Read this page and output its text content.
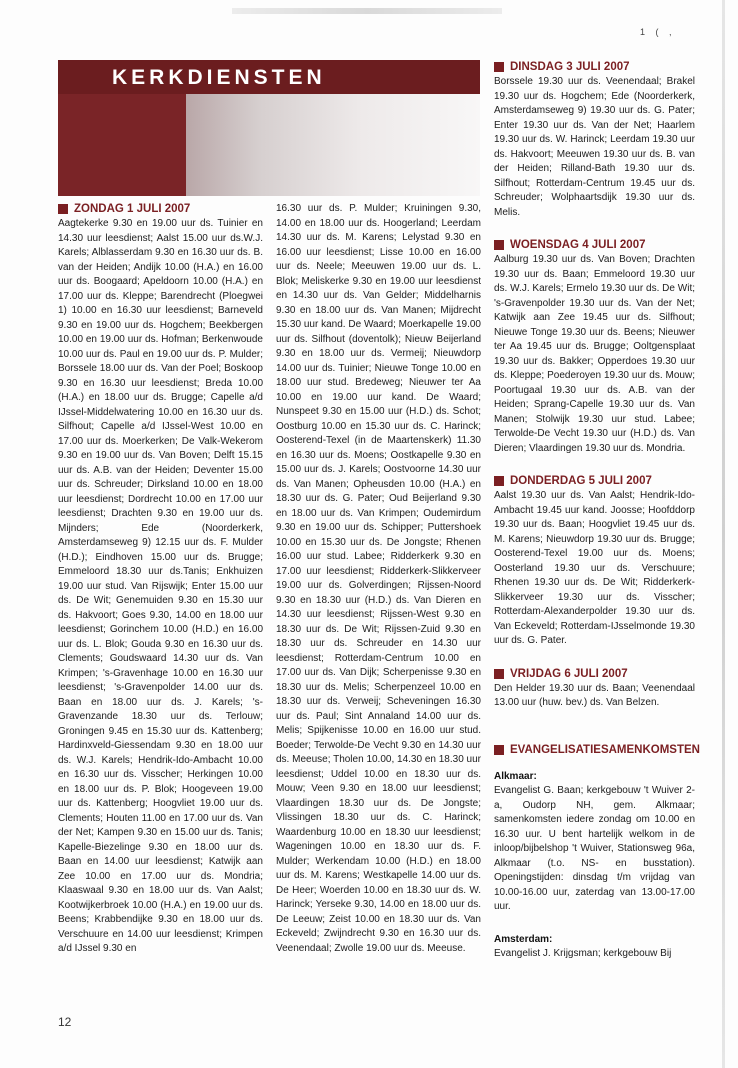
1 ( ,
KERKDIENSTEN
ZONDAG 1 JULI 2007
Aagtekerke 9.30 en 19.00 uur ds. Tuinier en 14.30 uur leesdienst; Aalst 15.00 uur ds.W.J. Karels; Alblasserdam 9.30 en 16.30 uur ds. B. van der Heiden; Andijk 10.00 (H.A.) en 16.00 uur ds. Boogaard; Apeldoorn 10.00 (H.A.) en 17.00 uur ds. Kleppe; Barendrecht (Ploegwei 1) 10.00 en 16.30 uur leesdienst; Barneveld 9.30 en 19.00 uur ds. Hogchem; Beekbergen 10.00 en 19.00 uur ds. Hofman; Berkenwoude 10.00 uur ds. Paul en 19.00 uur ds. P. Mulder; Borssele 18.00 uur ds. Van der Poel; Boskoop 9.30 en 16.30 uur leesdienst; Breda 10.00 (H.A.) en 18.00 uur ds. Brugge; Capelle a/d IJssel-Middelwatering 10.00 en 16.30 uur ds. Silfhout; Capelle a/d IJssel-West 10.00 en 17.00 uur ds. Moerkerken; De Valk-Wekerom 9.30 en 19.00 uur ds. Van Boven; Delft 15.15 uur ds. A.B. van der Heiden; Deventer 15.00 uur ds. Schreuder; Dirksland 10.00 en 18.00 uur leesdienst; Dordrecht 10.00 en 17.00 uur leesdienst; Drachten 9.30 en 19.00 uur ds. Mijnders; Ede (Noorderkerk, Amsterdamseweg 9) 12.15 uur ds. F. Mulder (H.D.); Eindhoven 15.00 uur ds. Brugge; Emmeloord 18.30 uur ds.Tanis; Enkhuizen 19.00 uur stud. Van Rijswijk; Enter 15.00 uur ds. De Wit; Genemuiden 9.30 en 15.30 uur ds. Hakvoort; Goes 9.30, 14.00 en 18.00 uur leesdienst; Gorinchem 10.00 (H.D.) en 16.00 uur ds. L. Blok; Gouda 9.30 en 16.30 uur ds. Clements; Goudswaard 14.30 uur ds. Van Krimpen; 's-Gravenhage 10.00 en 16.30 uur leesdienst; 's-Gravenpolder 14.00 uur ds. Baan en 18.00 uur ds. J. Karels; 's-Gravenzande 18.30 uur ds. Terlouw; Groningen 9.45 en 15.30 uur ds. Kattenberg; Hardinxveld-Giessendam 9.30 en 18.00 uur ds. W.J. Karels; Hendrik-Ido-Ambacht 10.00 en 16.30 uur ds. Visscher; Herkingen 10.00 en 18.00 uur ds. P. Blok; Hoogeveen 19.00 uur ds. Kattenberg; Hoogvliet 19.00 uur ds. Clements; Houten 11.00 en 17.00 uur ds. Van der Net; Kampen 9.30 en 15.00 uur ds. Tanis; Kapelle-Biezelinge 9.30 en 18.00 uur ds. Baan en 14.00 uur leesdienst; Katwijk aan Zee 10.00 en 17.00 uur ds. Mondria; Klaaswaal 9.30 en 18.00 uur ds. Van Aalst; Kootwijkerbroek 10.00 (H.A.) en 19.00 uur ds. Beens; Krabbendijke 9.30 en 18.00 uur ds. Verschuure en 14.00 uur leesdienst; Krimpen a/d IJssel 9.30 en
16.30 uur ds. P. Mulder; Kruiningen 9.30, 14.00 en 18.00 uur ds. Hoogerland; Leerdam 14.30 uur ds. M. Karens; Lelystad 9.30 en 16.00 uur leesdienst; Lisse 10.00 en 16.00 uur ds. Neele; Meeuwen 19.00 uur ds. L. Blok; Meliskerke 9.30 en 19.00 uur leesdienst en 14.30 uur ds. Van Gelder; Middelharnis 9.30 en 18.00 uur ds. Van Manen; Mijdrecht 15.30 uur kand. De Waard; Moerkapelle 19.00 uur ds. Silfhout (doventolk); Nieuw Beijerland 9.30 en 18.00 uur ds. Vermeij; Nieuwdorp 14.00 uur ds. Tuinier; Nieuwe Tonge 10.00 en 18.00 uur stud. Bredeweg; Nieuwer ter Aa 10.00 en 19.00 uur kand. De Waard; Nunspeet 9.30 en 15.00 uur (H.D.) ds. Schot; Oostburg 10.00 en 15.30 uur ds. C. Harinck; Oosterend-Texel (in de Maartenskerk) 11.30 en 16.30 uur ds. Moens; Oostkapelle 9.30 en 15.00 uur ds. J. Karels; Oostvoorne 14.30 uur ds. Van Manen; Opheusden 10.00 (H.A.) en 18.30 uur ds. G. Pater; Oud Beijerland 9.30 en 18.00 uur ds. Van Krimpen; Oudemirdum 9.30 en 19.00 uur ds. Schipper; Puttershoek 10.00 en 15.30 uur ds. De Jongste; Rhenen 16.00 uur stud. Labee; Ridderkerk 9.30 en 17.00 uur leesdienst; Ridderkerk-Slikkerveer 19.00 uur ds. Golverdingen; Rijssen-Noord 9.30 en 18.30 uur (H.D.) ds. Van Dieren en 14.30 uur leesdienst; Rijssen-West 9.30 en 18.30 uur ds. De Wit; Rijssen-Zuid 9.30 en 18.30 uur ds. Schreuder en 14.30 uur leesdienst; Rotterdam-Centrum 10.00 en 17.00 uur ds. Van Dijk; Scherpenisse 9.30 en 18.30 uur ds. Melis; Scherpenzeel 10.00 en 18.30 uur ds. Verweij; Scheveningen 16.30 uur ds. Paul; Sint Annaland 14.00 uur ds. Melis; Spijkenisse 10.00 en 16.00 uur stud. Boeder; Terwolde-De Vecht 9.30 en 14.30 uur ds. Meeuse; Tholen 10.00, 14.30 en 18.30 uur leesdienst; Uddel 10.00 en 18.30 uur ds. Mouw; Veen 9.30 en 18.00 uur leesdienst; Vlaardingen 18.30 uur ds. De Jongste; Vlissingen 18.30 uur ds. C. Harinck; Waardenburg 10.00 en 18.30 uur leesdienst; Wageningen 10.00 en 18.30 uur ds. F. Mulder; Werkendam 10.00 (H.D.) en 18.00 uur ds. M. Karens; Westkapelle 14.00 uur ds. De Heer; Woerden 10.00 en 18.30 uur ds. W. Harinck; Yerseke 9.30, 14.00 en 18.00 uur ds. De Leeuw; Zeist 10.00 en 18.30 uur ds. Van Eckeveld; Zwijndrecht 9.30 en 16.30 uur ds. Veenendaal; Zwolle 19.00 uur ds. Meeuse.
DINSDAG 3 JULI 2007
Borssele 19.30 uur ds. Veenendaal; Brakel 19.30 uur ds. Hogchem; Ede (Noorderkerk, Amsterdamseweg 9) 19.30 uur ds. G. Pater; Enter 19.30 uur ds. Van der Net; Haarlem 19.30 uur ds. W. Harinck; Leerdam 19.30 uur ds. Hakvoort; Meeuwen 19.30 uur ds. B. van der Heiden; Rilland-Bath 19.30 uur ds. Silfhout; Rotterdam-Centrum 19.45 uur ds. Schreuder; Wolphaartsdijk 19.30 uur ds. Melis.
WOENSDAG 4 JULI 2007
Aalburg 19.30 uur ds. Van Boven; Drachten 19.30 uur ds. Baan; Emmeloord 19.30 uur ds. W.J. Karels; Ermelo 19.30 uur ds. De Wit; 's-Gravenpolder 19.30 uur ds. Van der Net; Katwijk aan Zee 19.45 uur ds. Silfhout; Nieuwe Tonge 19.30 uur ds. Beens; Nieuwer ter Aa 19.45 uur ds. Brugge; Ooltgensplaat 19.30 uur ds. Bakker; Opperdoes 19.30 uur ds. Kleppe; Poederoyen 19.30 uur ds. Mouw; Poortugaal 19.30 uur ds. A.B. van der Heiden; Sprang-Capelle 19.30 uur ds. Van Manen; Stolwijk 19.30 uur stud. Labee; Terwolde-De Vecht 19.30 uur (H.D.) ds. Van Dieren; Vlaardingen 19.30 uur ds. Mondria.
DONDERDAG 5 JULI 2007
Aalst 19.30 uur ds. Van Aalst; Hendrik-Ido-Ambacht 19.45 uur kand. Joosse; Hoofddorp 19.30 uur ds. Baan; Hoogvliet 19.45 uur ds. M. Karens; Nieuwdorp 19.30 uur ds. Brugge; Oosterend-Texel 19.00 uur ds. Moens; Oosterland 19.30 uur ds. Verschuure; Rhenen 19.30 uur ds. De Wit; Ridderkerk-Slikkerveer 19.30 uur ds. Visscher; Rotterdam-Alexanderpolder 19.30 uur ds. Van Eckeveld; Rotterdam-IJsselmonde 19.30 uur ds. G. Pater.
VRIJDAG 6 JULI 2007
Den Helder 19.30 uur ds. Baan; Veenendaal 13.00 uur (huw. bev.) ds. Van Belzen.
EVANGELISATIESAMENKOMSTEN
Alkmaar:
Evangelist G. Baan; kerkgebouw 't Wuiver 2-a, Oudorp NH, gem. Alkmaar; samenkomsten iedere zondag om 10.00 en 16.30 uur. U bent hartelijk welkom in de inloop/bijbelshop 't Wuiver, Stationsweg 96a, Alkmaar (t.o. NS- en busstation). Openingstijden: dinsdag t/m vrijdag van 10.00-16.00 uur, zaterdag van 13.00-17.00 uur.
Amsterdam:
Evangelist J. Krijgsman; kerkgebouw Bij
12
